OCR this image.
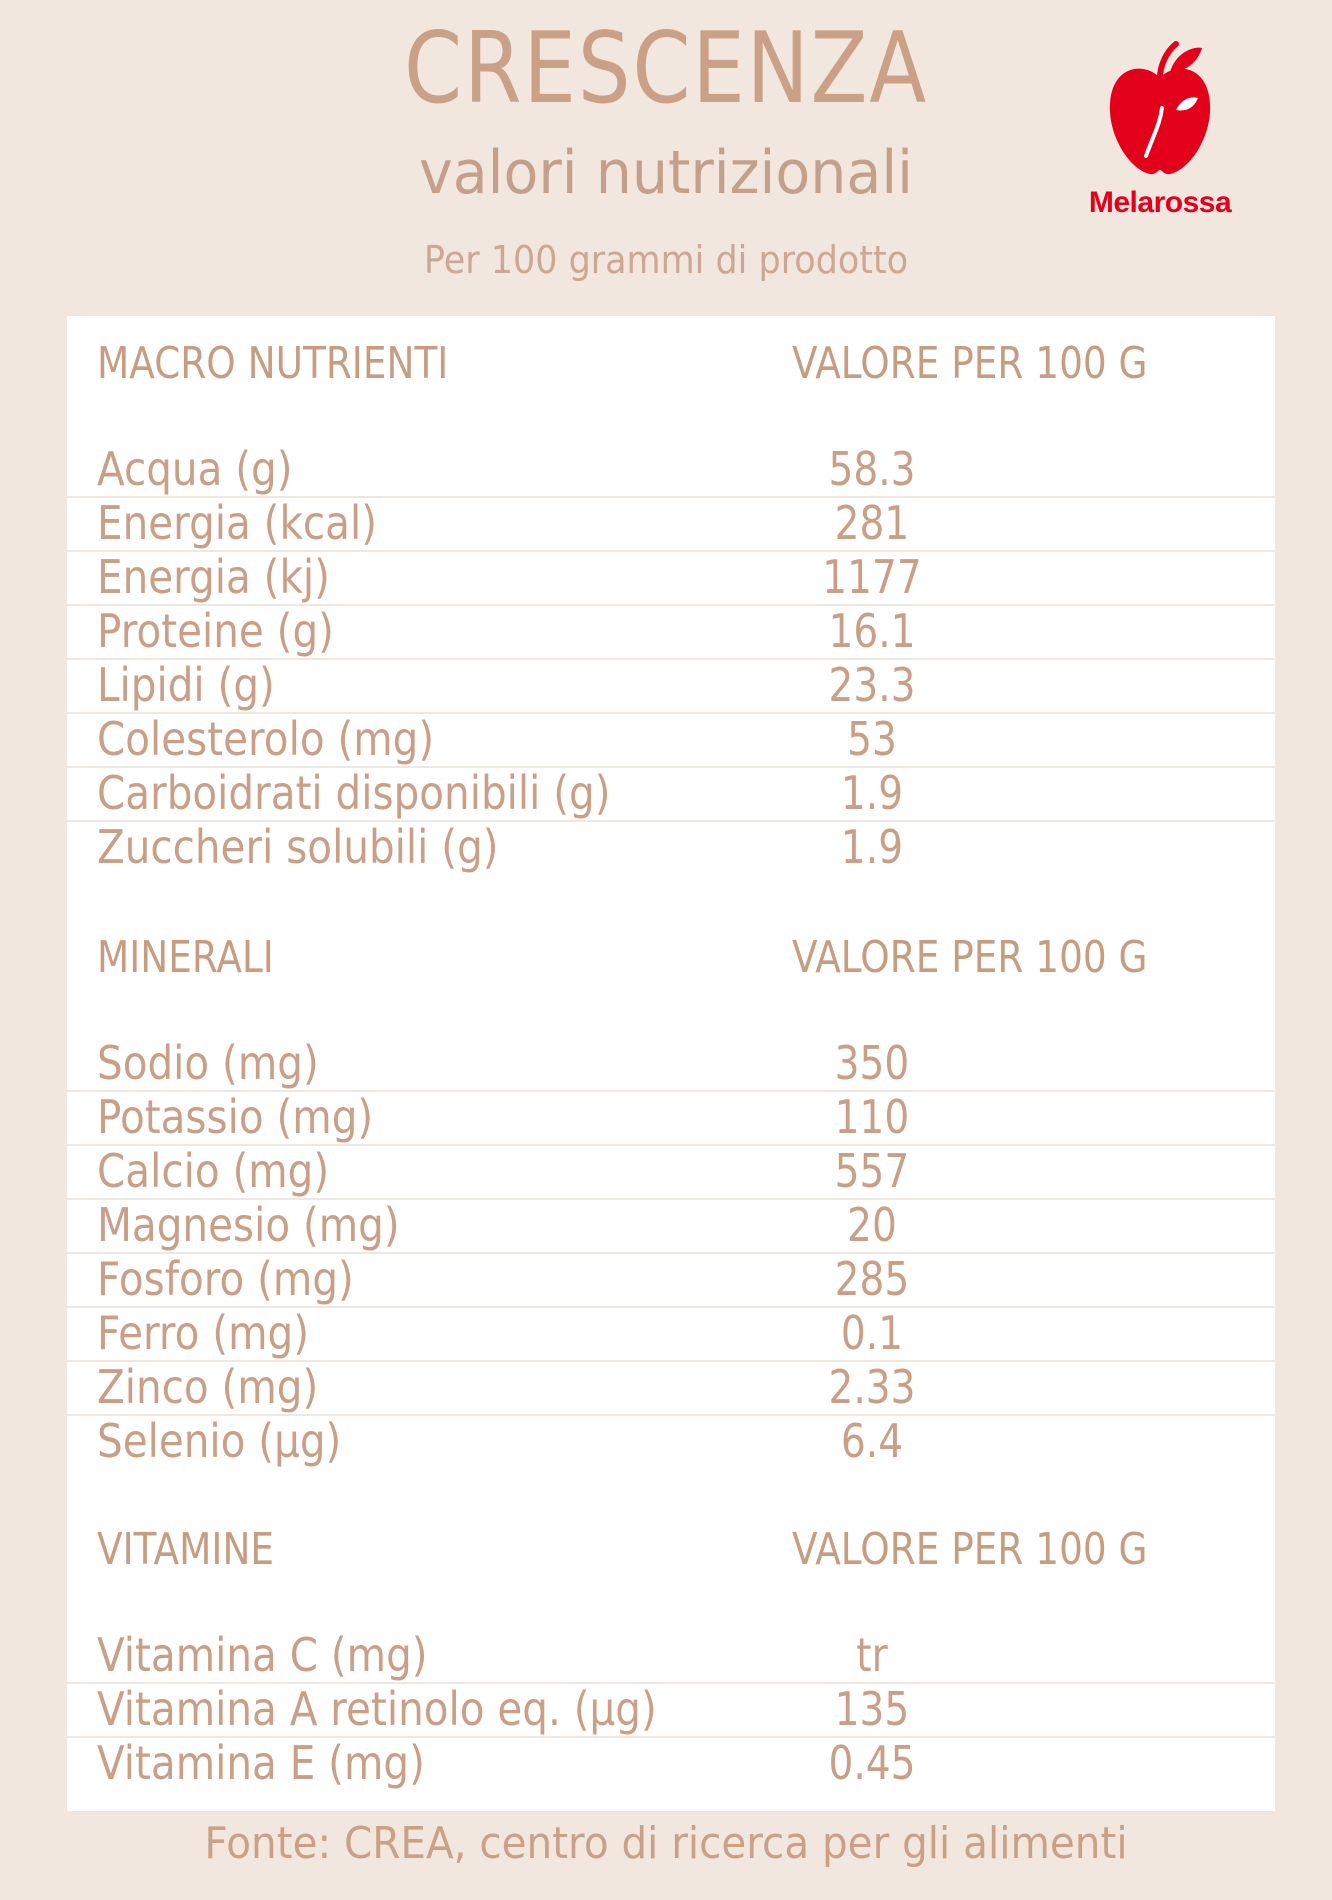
CRESCENZA
valori nutrizionali
Per 100 grammi di prodotto
Melarossa
MACRO NUTRIENTI	VALORE PER 100 G
Acqua (g)	58.3
Energia (kcal)	281
Energia (kj)	1177
Proteine (g)	16.1
Lipidi (g)	23.3
Colesterolo (mg)	53
Carboidrati disponibili (g)	1.9
Zuccheri solubili (g)	1.9
MINERALI	VALORE PER 100 G
Sodio (mg)	350
Potassio (mg)	110
Calcio (mg)	557
Magnesio (mg)	20
Fosforo (mg)	285
Ferro (mg)	0.1
Zinco (mg)	2.33
Selenio (µg)	6.4
VITAMINE	VALORE PER 100 G
Vitamina C (mg)	tr
Vitamina A retinolo eq. (µg)	135
Vitamina E (mg)	0.45
Fonte: CREA, centro di ricerca per gli alimenti
